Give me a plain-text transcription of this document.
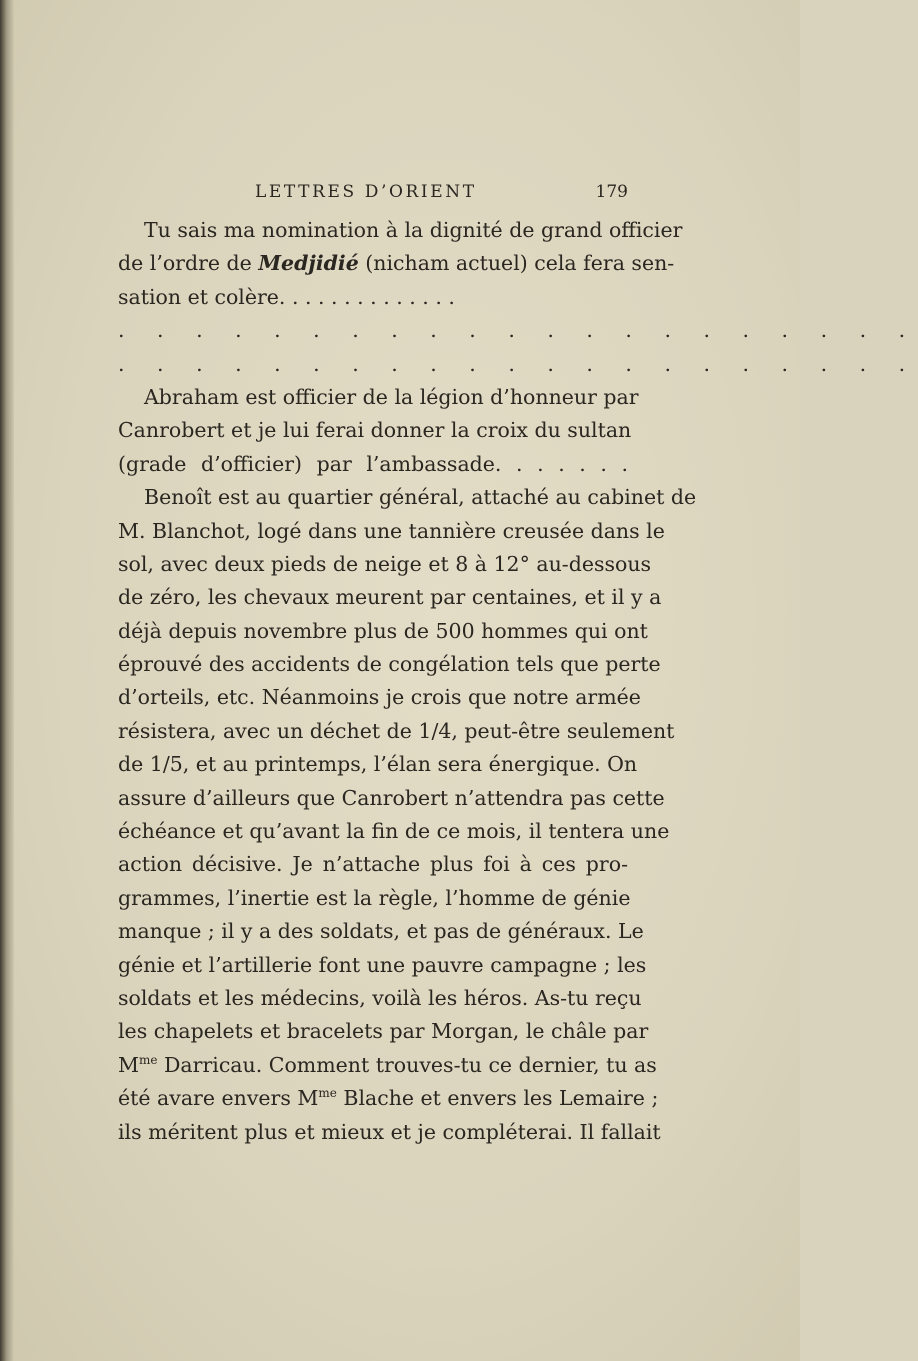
LETTRES D’ORIENT	179
Tu sais ma nomination à la dignité de grand officier
de l’ordre de Medjidié (nicham actuel) cela fera sen-
sation et colère. . . . . . . . . . . . . .
. . . . . . . . . . . . . . . . . . . . .
. . . . . . . . . . . . . . . . . . . . .
Abraham est officier de la légion d’honneur par
Canrobert et je lui ferai donner la croix du sultan
(grade d’officier) par l’ambassade. . . . . . .
Benoît est au quartier général, attaché au cabinet de
M. Blanchot, logé dans une tannière creusée dans le
sol, avec deux pieds de neige et 8 à 12° au-dessous
de zéro, les chevaux meurent par centaines, et il y a
déjà depuis novembre plus de 500 hommes qui ont
éprouvé des accidents de congélation tels que perte
d’orteils, etc. Néanmoins je crois que notre armée
résistera, avec un déchet de 1/4, peut-être seulement
de 1/5, et au printemps, l’élan sera énergique. On
assure d’ailleurs que Canrobert n’attendra pas cette
échéance et qu’avant la fin de ce mois, il tentera une
action décisive. Je n’attache plus foi à ces pro-
grammes, l’inertie est la règle, l’homme de génie
manque ; il y a des soldats, et pas de généraux. Le
génie et l’artillerie font une pauvre campagne ; les
soldats et les médecins, voilà les héros. As-tu reçu
les chapelets et bracelets par Morgan, le châle par
$M^{me}$ Darricau. Comment trouves-tu ce dernier, tu as
été avare envers $M^{me}$ Blache et envers les Lemaire ;
ils méritent plus et mieux et je compléterai. Il fallait
